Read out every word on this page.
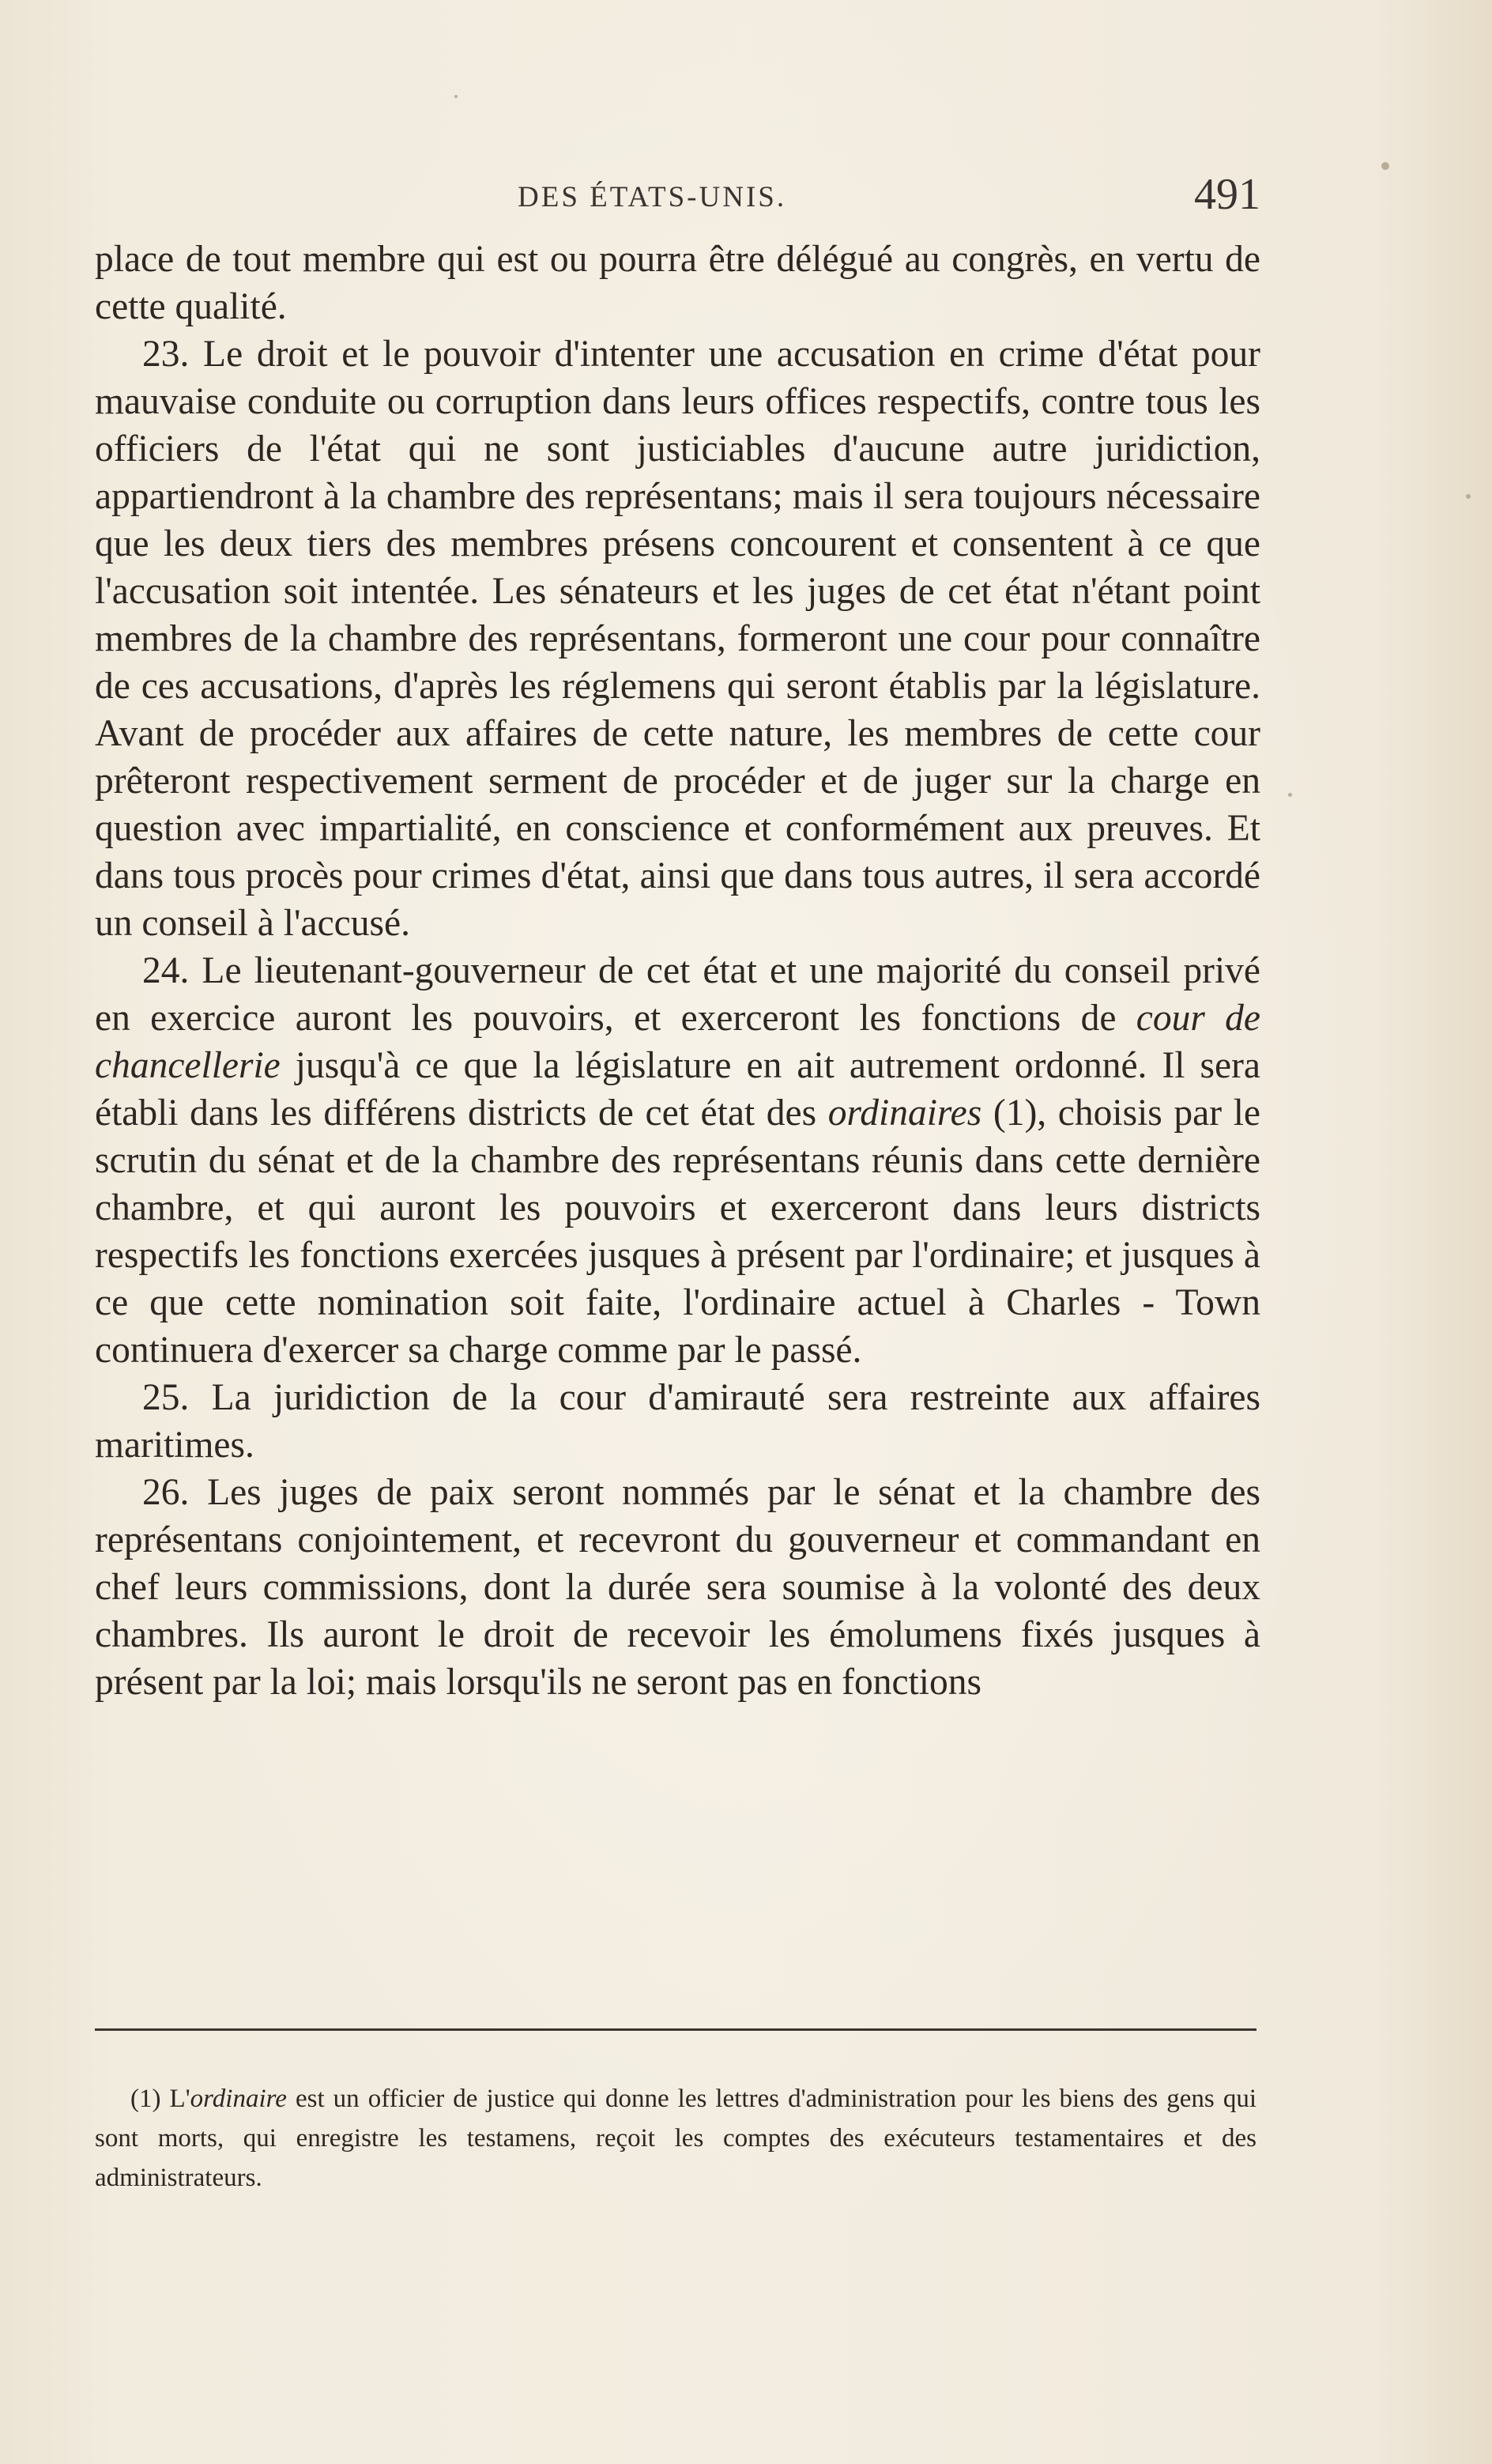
DES ÉTATS-UNIS.	491

place de tout membre qui est ou pourra être délégué au congrès, en vertu de cette qualité.

23. Le droit et le pouvoir d'intenter une accusation en crime d'état pour mauvaise conduite ou corruption dans leurs offices respectifs, contre tous les officiers de l'état qui ne sont justiciables d'aucune autre juridiction, appartiendront à la chambre des représentans; mais il sera toujours nécessaire que les deux tiers des membres présens concourent et consentent à ce que l'accusation soit intentée. Les sénateurs et les juges de cet état n'étant point membres de la chambre des représentans, formeront une cour pour connaître de ces accusations, d'après les réglemens qui seront établis par la législature. Avant de procéder aux affaires de cette nature, les membres de cette cour prêteront respectivement serment de procéder et de juger sur la charge en question avec impartialité, en conscience et conformément aux preuves. Et dans tous procès pour crimes d'état, ainsi que dans tous autres, il sera accordé un conseil à l'accusé.

24. Le lieutenant-gouverneur de cet état et une majorité du conseil privé en exercice auront les pouvoirs, et exerceront les fonctions de cour de chancellerie jusqu'à ce que la législature en ait autrement ordonné. Il sera établi dans les différens districts de cet état des ordinaires (1), choisis par le scrutin du sénat et de la chambre des représentans réunis dans cette dernière chambre, et qui auront les pouvoirs et exerceront dans leurs districts respectifs les fonctions exercées jusques à présent par l'ordinaire; et jusques à ce que cette nomination soit faite, l'ordinaire actuel à Charles - Town continuera d'exercer sa charge comme par le passé.

25. La juridiction de la cour d'amirauté sera restreinte aux affaires maritimes.

26. Les juges de paix seront nommés par le sénat et la chambre des représentans conjointement, et recevront du gouverneur et commandant en chef leurs commissions, dont la durée sera soumise à la volonté des deux chambres. Ils auront le droit de recevoir les émolumens fixés jusques à présent par la loi; mais lorsqu'ils ne seront pas en fonctions

(1) L'ordinaire est un officier de justice qui donne les lettres d'administration pour les biens des gens qui sont morts, qui enregistre les testamens, reçoit les comptes des exécuteurs testamentaires et des administrateurs.
